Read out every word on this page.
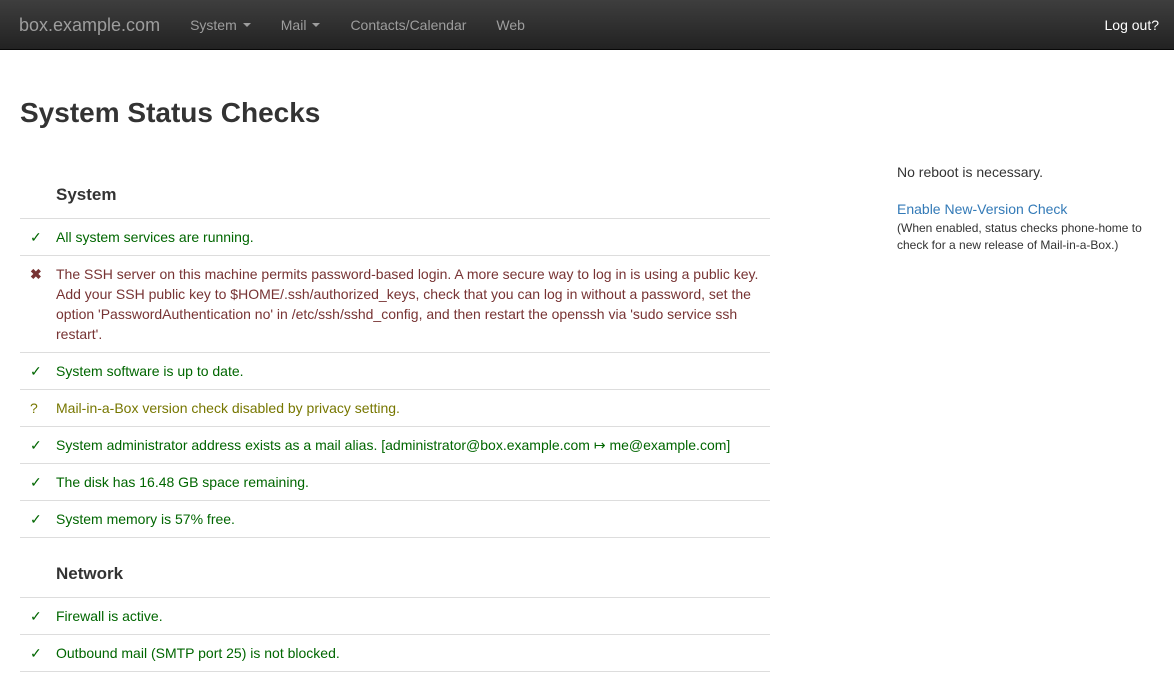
box.example.com	System	Mail	Contacts/Calendar Web	Log out?
System Status Checks
System
✓	All system services are running.
✖	The SSH server on this machine permits password-based login. A more secure way to log in is using a public key. Add your SSH public key to $HOME/.ssh/authorized_keys, check that you can log in without a password, set the option 'PasswordAuthentication no' in /etc/ssh/sshd_config, and then restart the openssh via 'sudo service ssh restart'.
✓	System software is up to date.
?	Mail-in-a-Box version check disabled by privacy setting.
✓	System administrator address exists as a mail alias. [administrator@box.example.com ↦ me@example.com]
✓	The disk has 16.48 GB space remaining.
✓	System memory is 57% free.
Network
✓	Firewall is active.
✓	Outbound mail (SMTP port 25) is not blocked.

No reboot is necessary.

Enable New-Version Check

(When enabled, status checks phone-home to check for a new release of Mail-in-a-Box.)
